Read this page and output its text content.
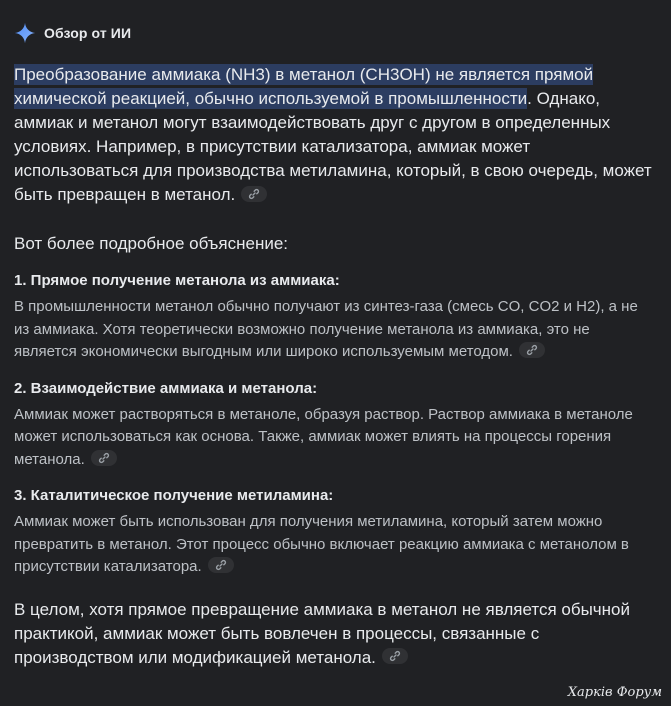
Обзор от ИИ

Преобразование аммиака (NH3) в метанол (CH3OH) не является прямой химической реакцией, обычно используемой в промышленности. Однако, аммиак и метанол могут взаимодействовать друг с другом в определенных условиях. Например, в присутствии катализатора, аммиак может использоваться для производства метиламина, который, в свою очередь, может быть превращен в метанол.

Вот более подробное объяснение:

1. Прямое получение метанола из аммиака:

В промышленности метанол обычно получают из синтез-газа (смесь CO, CO2 и H2), а не из аммиака. Хотя теоретически возможно получение метанола из аммиака, это не является экономически выгодным или широко используемым методом.

2. Взаимодействие аммиака и метанола:

Аммиак может растворяться в метаноле, образуя раствор. Раствор аммиака в метаноле может использоваться как основа. Также, аммиак может влиять на процессы горения метанола.

3. Каталитическое получение метиламина:

Аммиак может быть использован для получения метиламина, который затем можно превратить в метанол. Этот процесс обычно включает реакцию аммиака с метанолом в присутствии катализатора.

В целом, хотя прямое превращение аммиака в метанол не является обычной практикой, аммиак может быть вовлечен в процессы, связанные с производством или модификацией метанола.

Харків Форум
